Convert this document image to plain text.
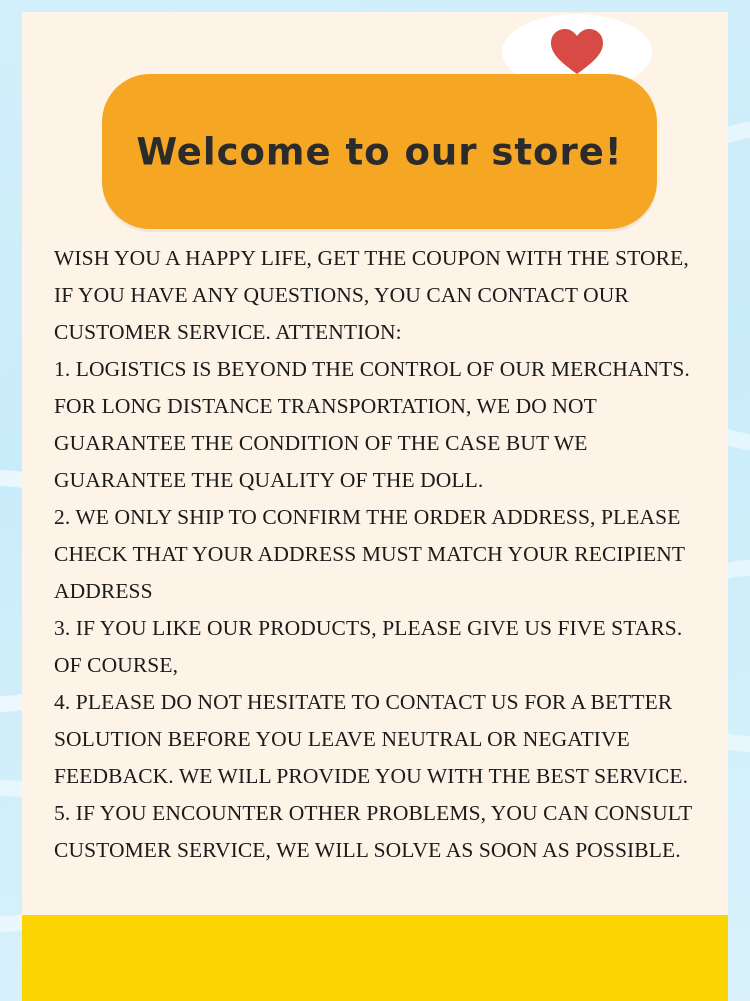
Welcome to our store!

WISH YOU A HAPPY LIFE, GET THE COUPON WITH THE STORE, IF YOU HAVE ANY QUESTIONS, YOU CAN CONTACT OUR CUSTOMER SERVICE. ATTENTION:

1. LOGISTICS IS BEYOND THE CONTROL OF OUR MERCHANTS. FOR LONG DISTANCE TRANSPORTATION, WE DO NOT GUARANTEE THE CONDITION OF THE CASE BUT WE GUARANTEE THE QUALITY OF THE DOLL.

2. WE ONLY SHIP TO CONFIRM THE ORDER ADDRESS, PLEASE CHECK THAT YOUR ADDRESS MUST MATCH YOUR RECIPIENT ADDRESS

3. IF YOU LIKE OUR PRODUCTS, PLEASE GIVE US FIVE STARS. OF COURSE,

4. PLEASE DO NOT HESITATE TO CONTACT US FOR A BETTER SOLUTION BEFORE YOU LEAVE NEUTRAL OR NEGATIVE FEEDBACK. WE WILL PROVIDE YOU WITH THE BEST SERVICE.

5. IF YOU ENCOUNTER OTHER PROBLEMS, YOU CAN CONSULT CUSTOMER SERVICE, WE WILL SOLVE AS SOON AS POSSIBLE.
